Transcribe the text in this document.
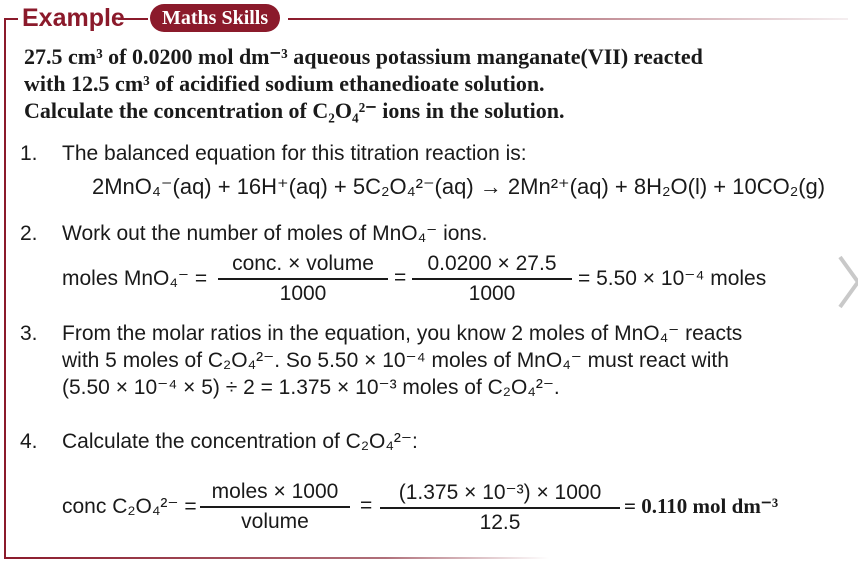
Example	Maths Skills
27.5 cm³ of 0.0200 mol dm⁻³ aqueous potassium manganate(VII) reacted
with 12.5 cm³ of acidified sodium ethanedioate solution.
Calculate the concentration of C₂O₄²⁻ ions in the solution.
1. The balanced equation for this titration reaction is:
2MnO₄⁻(aq) + 16H⁺(aq) + 5C₂O₄²⁻(aq) → 2Mn²⁺(aq) + 8H₂O(l) + 10CO₂(g)
2. Work out the number of moles of MnO₄⁻ ions.
moles MnO₄⁻ =
conc. × volume
1000
=
0.0200 × 27.5
1000
= 5.50 × 10⁻⁴ moles
3. From the molar ratios in the equation, you know 2 moles of MnO₄⁻ reacts
with 5 moles of C₂O₄²⁻. So 5.50 × 10⁻⁴ moles of MnO₄⁻ must react with
(5.50 × 10⁻⁴ × 5) ÷ 2 = 1.375 × 10⁻³ moles of C₂O₄²⁻.
4. Calculate the concentration of C₂O₄²⁻:
conc C₂O₄²⁻ =
moles × 1000
volume
=
(1.375 × 10⁻³) × 1000
12.5
= 0.110 mol dm⁻³
